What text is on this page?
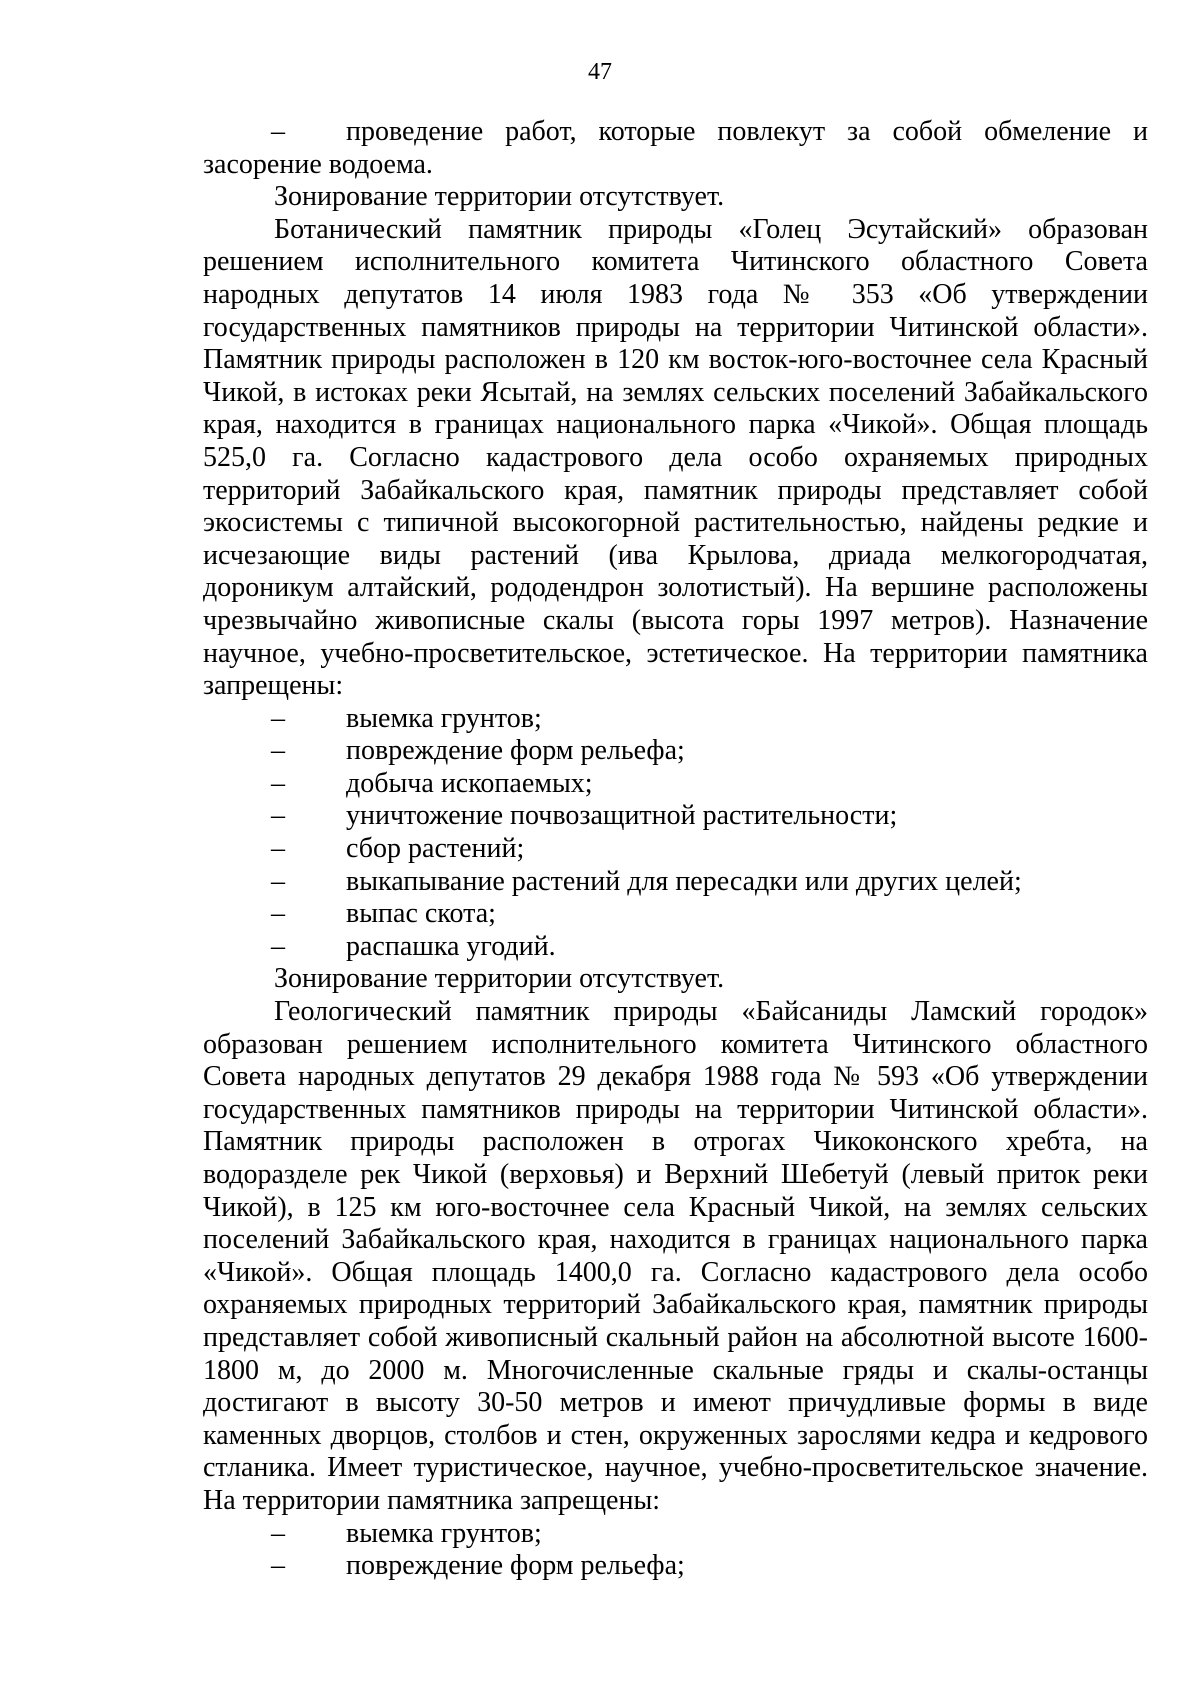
47
– проведение работ, которые повлекут за собой обмеление и
засорение водоема.
Зонирование территории отсутствует.
Ботанический памятник природы «Голец Эсутайский» образован
решением исполнительного комитета Читинского областного Совета
народных депутатов 14 июля 1983 года № 353 «Об утверждении
государственных памятников природы на территории Читинской области».
Памятник природы расположен в 120 км восток-юго-восточнее села Красный
Чикой, в истоках реки Ясытай, на землях сельских поселений Забайкальского
края, находится в границах национального парка «Чикой». Общая площадь
525,0 га. Согласно кадастрового дела особо охраняемых природных
территорий Забайкальского края, памятник природы представляет собой
экосистемы с типичной высокогорной растительностью, найдены редкие и
исчезающие виды растений (ива Крылова, дриада мелкогородчатая,
дороникум алтайский, рододендрон золотистый). На вершине расположены
чрезвычайно живописные скалы (высота горы 1997 метров). Назначение
научное, учебно-просветительское, эстетическое. На территории памятника
запрещены:
– выемка грунтов;
– повреждение форм рельефа;
– добыча ископаемых;
– уничтожение почвозащитной растительности;
– сбор растений;
– выкапывание растений для пересадки или других целей;
– выпас скота;
– распашка угодий.
Зонирование территории отсутствует.
Геологический памятник природы «Байсаниды Ламский городок»
образован решением исполнительного комитета Читинского областного
Совета народных депутатов 29 декабря 1988 года № 593 «Об утверждении
государственных памятников природы на территории Читинской области».
Памятник природы расположен в отрогах Чикоконского хребта, на
водоразделе рек Чикой (верховья) и Верхний Шебетуй (левый приток реки
Чикой), в 125 км юго-восточнее села Красный Чикой, на землях сельских
поселений Забайкальского края, находится в границах национального парка
«Чикой». Общая площадь 1400,0 га. Согласно кадастрового дела особо
охраняемых природных территорий Забайкальского края, памятник природы
представляет собой живописный скальный район на абсолютной высоте 1600-
1800 м, до 2000 м. Многочисленные скальные гряды и скалы-останцы
достигают в высоту 30-50 метров и имеют причудливые формы в виде
каменных дворцов, столбов и стен, окруженных зарослями кедра и кедрового
стланика. Имеет туристическое, научное, учебно-просветительское значение.
На территории памятника запрещены:
– выемка грунтов;
– повреждение форм рельефа;
